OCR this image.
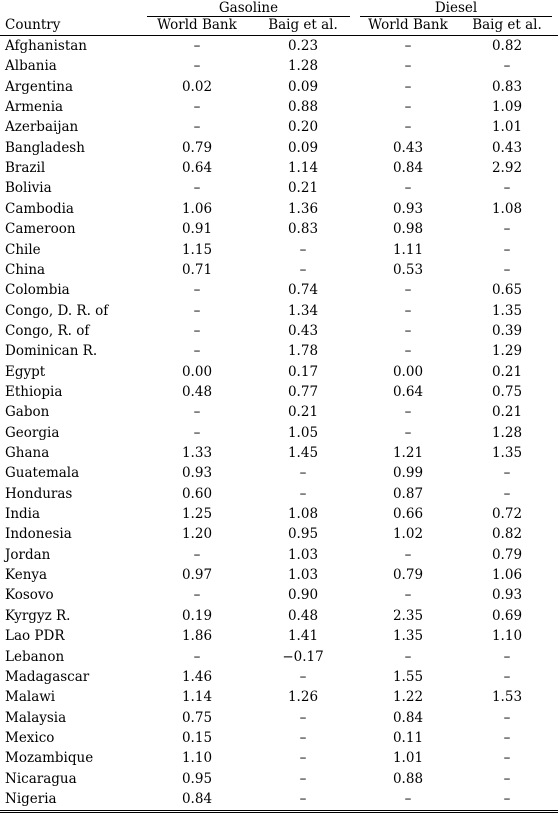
Gasoline	Diesel
Country	World Bank	Baig et al.	World Bank	Baig et al.
Afghanistan	–	0.23	–	0.82
Albania	–	1.28	–	–
Argentina	0.02	0.09	–	0.83
Armenia	–	0.88	–	1.09
Azerbaijan	–	0.20	–	1.01
Bangladesh	0.79	0.09	0.43	0.43
Brazil	0.64	1.14	0.84	2.92
Bolivia	–	0.21	–	–
Cambodia	1.06	1.36	0.93	1.08
Cameroon	0.91	0.83	0.98	–
Chile	1.15	–	1.11	–
China	0.71	–	0.53	–
Colombia	–	0.74	–	0.65
Congo, D. R. of	–	1.34	–	1.35
Congo, R. of	–	0.43	–	0.39
Dominican R.	–	1.78	–	1.29
Egypt	0.00	0.17	0.00	0.21
Ethiopia	0.48	0.77	0.64	0.75
Gabon	–	0.21	–	0.21
Georgia	–	1.05	–	1.28
Ghana	1.33	1.45	1.21	1.35
Guatemala	0.93	–	0.99	–
Honduras	0.60	–	0.87	–
India	1.25	1.08	0.66	0.72
Indonesia	1.20	0.95	1.02	0.82
Jordan	–	1.03	–	0.79
Kenya	0.97	1.03	0.79	1.06
Kosovo	–	0.90	–	0.93
Kyrgyz R.	0.19	0.48	2.35	0.69
Lao PDR	1.86	1.41	1.35	1.10
Lebanon	–	−0.17	–	–
Madagascar	1.46	–	1.55	–
Malawi	1.14	1.26	1.22	1.53
Malaysia	0.75	–	0.84	–
Mexico	0.15	–	0.11	–
Mozambique	1.10	–	1.01	–
Nicaragua	0.95	–	0.88	–
Nigeria	0.84	–	–	–
